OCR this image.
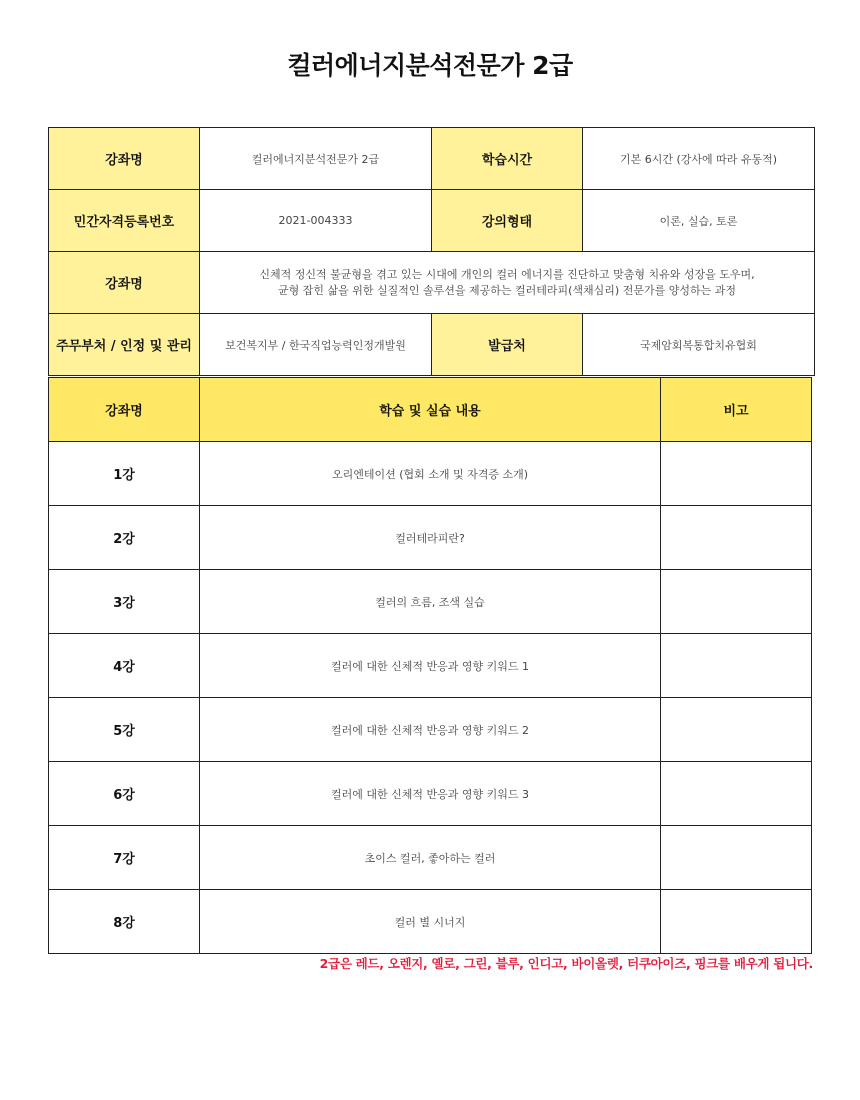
컬러에너지분석전문가 2급
강좌명	컬러에너지분석전문가 2급	학습시간	기본 6시간 (강사에 따라 유동적)
민간자격등록번호	2021-004333	강의형태	이론, 실습, 토론
강좌명	신체적 정신적 불균형을 겪고 있는 시대에 개인의 컬러 에너지를 진단하고 맞춤형 치유와 성장을 도우며,
균형 잡힌 삶을 위한 실질적인 솔루션을 제공하는 컬러테라피(색채심리) 전문가를 양성하는 과정		

주무부처 / 인정 및 관리	보건복지부 / 한국직업능력인정개발원	발급처	국제암회복통합치유협회
강좌명	학습 및 실습 내용	비고
1강	오리엔테이션 (협회 소개 및 자격증 소개)	
2강	컬러테라피란?	
3강	컬러의 흐름, 조색 실습	
4강	컬러에 대한 신체적 반응과 영향 키워드 1	
5강	컬러에 대한 신체적 반응과 영향 키워드 2	
6강	컬러에 대한 신체적 반응과 영향 키워드 3	
7강	초이스 컬러, 좋아하는 컬러	
8강	컬러 별 시너지	
2급은 레드, 오렌지, 옐로, 그린, 블루, 인디고, 바이올렛, 터쿠아이즈, 핑크를 배우게 됩니다.
